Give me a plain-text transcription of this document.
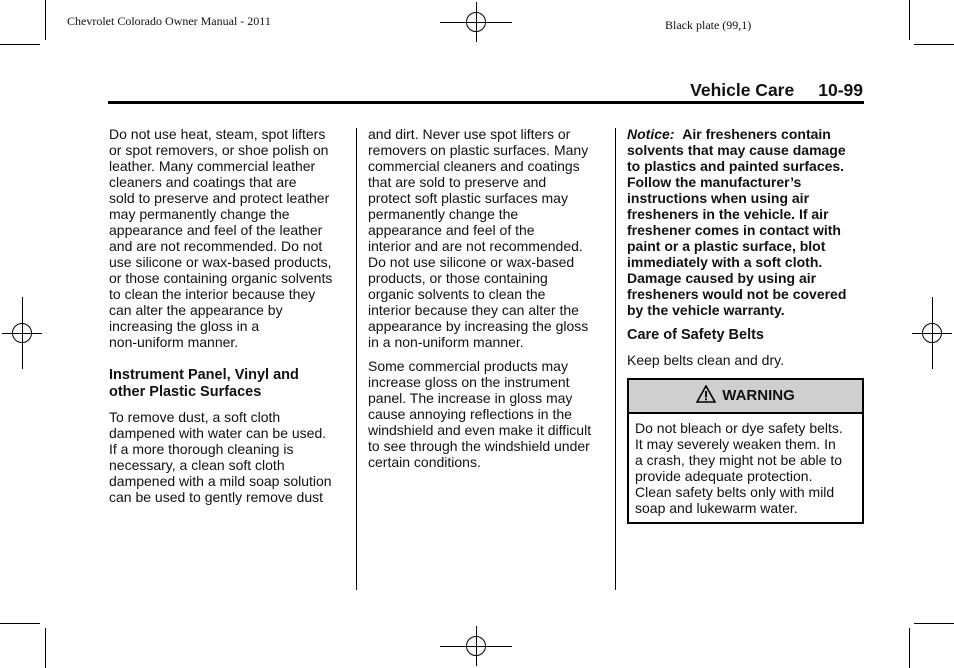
Chevrolet Colorado Owner Manual - 2011	Black plate (99,1)
Vehicle Care 10-99

Do not use heat, steam, spot lifters
or spot removers, or shoe polish on
leather. Many commercial leather
cleaners and coatings that are
sold to preserve and protect leather
may permanently change the
appearance and feel of the leather
and are not recommended. Do not
use silicone or wax-based products,
or those containing organic solvents
to clean the interior because they
can alter the appearance by
increasing the gloss in a
non-uniform manner.

Instrument Panel, Vinyl and
other Plastic Surfaces

To remove dust, a soft cloth
dampened with water can be used.
If a more thorough cleaning is
necessary, a clean soft cloth
dampened with a mild soap solution
can be used to gently remove dust

and dirt. Never use spot lifters or
removers on plastic surfaces. Many
commercial cleaners and coatings
that are sold to preserve and
protect soft plastic surfaces may
permanently change the
appearance and feel of the
interior and are not recommended.
Do not use silicone or wax-based
products, or those containing
organic solvents to clean the
interior because they can alter the
appearance by increasing the gloss
in a non-uniform manner.

Some commercial products may
increase gloss on the instrument
panel. The increase in gloss may
cause annoying reflections in the
windshield and even make it difficult
to see through the windshield under
certain conditions.

Notice: Air fresheners contain
solvents that may cause damage
to plastics and painted surfaces.
Follow the manufacturer’s
instructions when using air
fresheners in the vehicle. If air
freshener comes in contact with
paint or a plastic surface, blot
immediately with a soft cloth.
Damage caused by using air
fresheners would not be covered
by the vehicle warranty.

Care of Safety Belts

Keep belts clean and dry.

WARNING
Do not bleach or dye safety belts.
It may severely weaken them. In
a crash, they might not be able to
provide adequate protection.
Clean safety belts only with mild
soap and lukewarm water.
